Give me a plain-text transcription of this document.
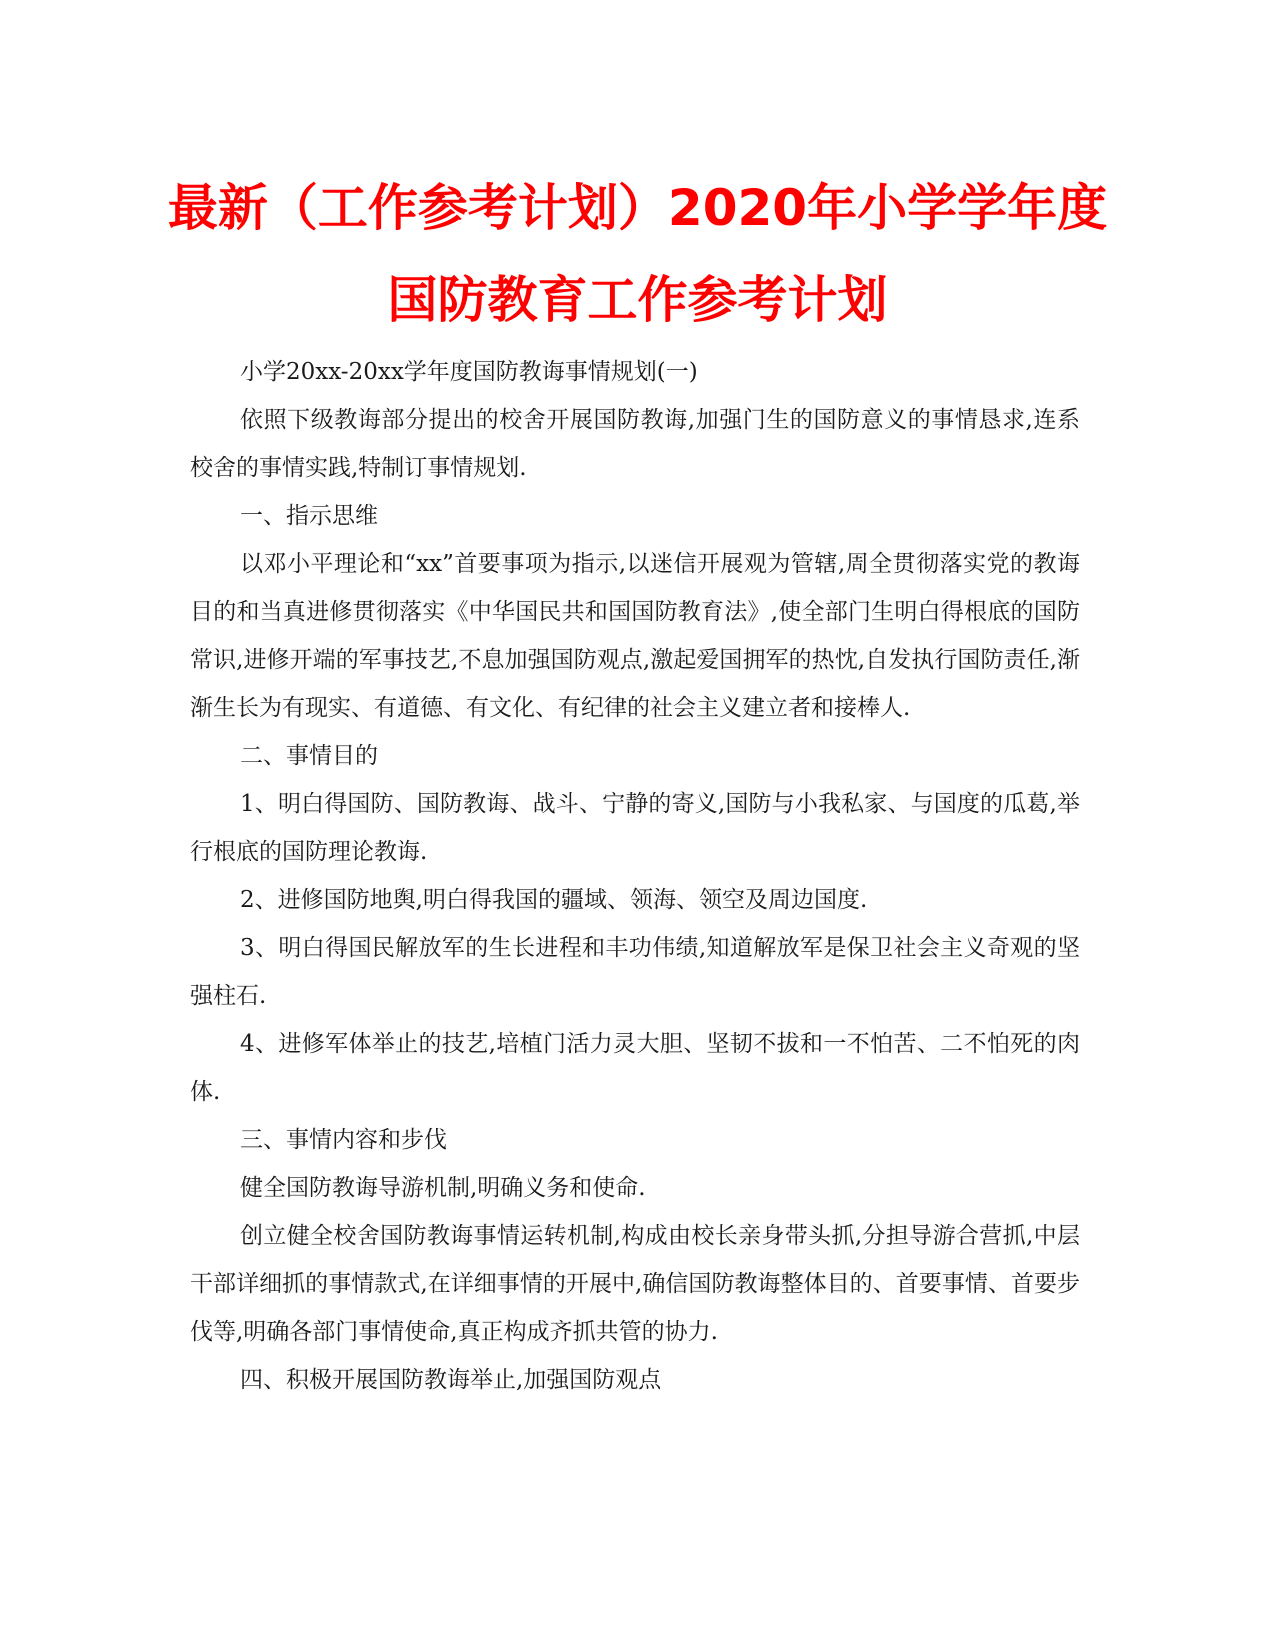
最新（工作参考计划）2020年小学学年度
国防教育工作参考计划

小学20xx-20xx学年度国防教诲事情规划(一)

依照下级教诲部分提出的校舍开展国防教诲,加强门生的国防意义的事情恳求,连系校舍的事情实践,特制订事情规划.

一、指示思维

以邓小平理论和“xx”首要事项为指示,以迷信开展观为管辖,周全贯彻落实党的教诲目的和当真进修贯彻落实《中华国民共和国国防教育法》,使全部门生明白得根底的国防常识,进修开端的军事技艺,不息加强国防观点,激起爱国拥军的热忱,自发执行国防责任,渐渐生长为有现实、有道德、有文化、有纪律的社会主义建立者和接棒人.

二、事情目的

1、明白得国防、国防教诲、战斗、宁静的寄义,国防与小我私家、与国度的瓜葛,举行根底的国防理论教诲.

2、进修国防地舆,明白得我国的疆域、领海、领空及周边国度.

3、明白得国民解放军的生长进程和丰功伟绩,知道解放军是保卫社会主义奇观的坚强柱石.

4、进修军体举止的技艺,培植门活力灵大胆、坚韧不拔和一不怕苦、二不怕死的肉体.

三、事情内容和步伐

健全国防教诲导游机制,明确义务和使命.

创立健全校舍国防教诲事情运转机制,构成由校长亲身带头抓,分担导游合营抓,中层干部详细抓的事情款式,在详细事情的开展中,确信国防教诲整体目的、首要事情、首要步伐等,明确各部门事情使命,真正构成齐抓共管的协力.

四、积极开展国防教诲举止,加强国防观点
